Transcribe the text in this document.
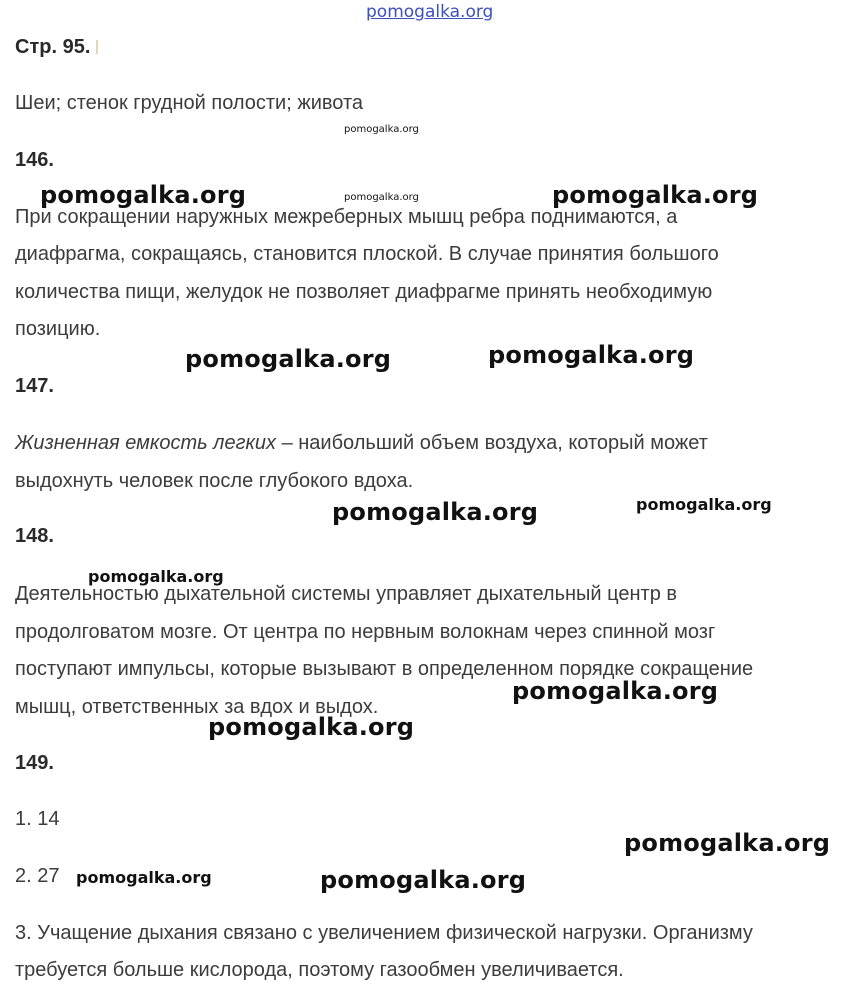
pomogalka.org
Стр. 95.
Шеи; стенок грудной полости; живота
146.
При сокращении наружных межреберных мышц ребра поднимаются, а
диафрагма, сокращаясь, становится плоской. В случае принятия большого
количества пищи, желудок не позволяет диафрагме принять необходимую
позицию.
147.
Жизненная емкость легких – наибольший объем воздуха, который может
выдохнуть человек после глубокого вдоха.
148.
Деятельностью дыхательной системы управляет дыхательный центр в
продолговатом мозге. От центра по нервным волокнам через спинной мозг
поступают импульсы, которые вызывают в определенном порядке сокращение
мышц, ответственных за вдох и выдох.
149.
1. 14
2. 27
3. Учащение дыхания связано с увеличением физической нагрузки. Организму
требуется больше кислорода, поэтому газообмен увеличивается.
pomogalka.org
pomogalka.org	pomogalka.org	pomogalka.org
pomogalka.org	pomogalka.org
pomogalka.org	pomogalka.org
pomogalka.org
pomogalka.org
pomogalka.org
pomogalka.org
pomogalka.org	pomogalka.org
